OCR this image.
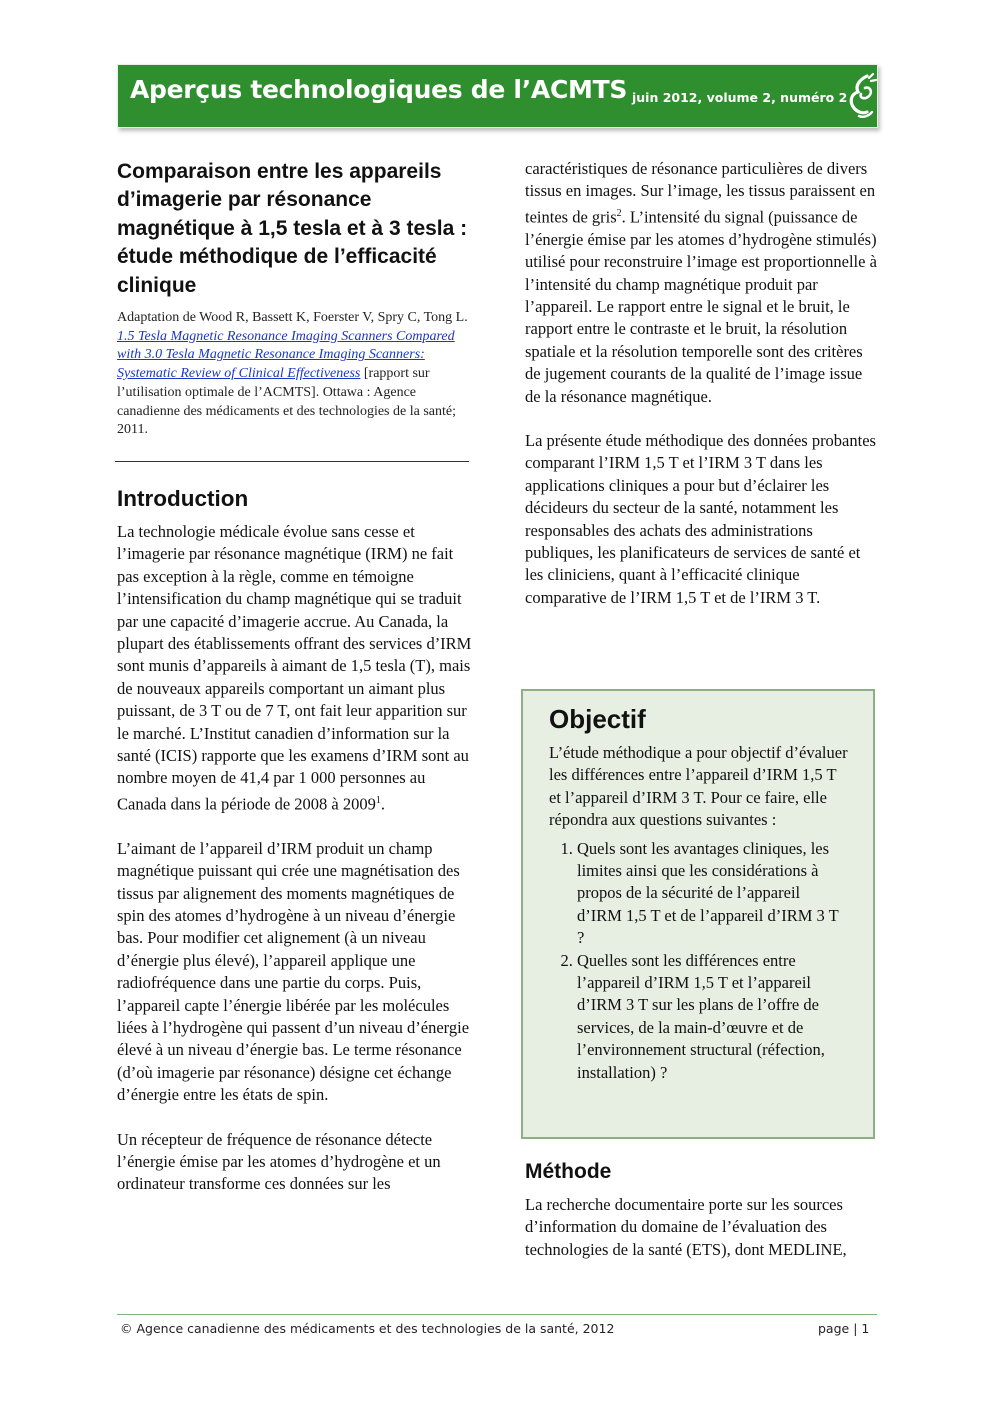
Aperçus technologiques de l’ACMTS juin 2012, volume 2, numéro 2
Comparaison entre les appareils d’imagerie par résonance magnétique à 1,5 tesla et à 3 tesla : étude méthodique de l’efficacité clinique

Adaptation de Wood R, Bassett K, Foerster V, Spry C, Tong L. 1.5 Tesla Magnetic Resonance Imaging Scanners Compared with 3.0 Tesla Magnetic Resonance Imaging Scanners: Systematic Review of Clinical Effectiveness [rapport sur l’utilisation optimale de l’ACMTS]. Ottawa : Agence canadienne des médicaments et des technologies de la santé; 2011.

Introduction

La technologie médicale évolue sans cesse et l’imagerie par résonance magnétique (IRM) ne fait pas exception à la règle, comme en témoigne l’intensification du champ magnétique qui se traduit par une capacité d’imagerie accrue. Au Canada, la plupart des établissements offrant des services d’IRM sont munis d’appareils à aimant de 1,5 tesla (T), mais de nouveaux appareils comportant un aimant plus puissant, de 3 T ou de 7 T, ont fait leur apparition sur le marché. L’Institut canadien d’information sur la santé (ICIS) rapporte que les examens d’IRM sont au nombre moyen de 41,4 par 1 000 personnes au Canada dans la période de 2008 à 2009$^1$.

L’aimant de l’appareil d’IRM produit un champ magnétique puissant qui crée une magnétisation des tissus par alignement des moments magnétiques de spin des atomes d’hydrogène à un niveau d’énergie bas. Pour modifier cet alignement (à un niveau d’énergie plus élevé), l’appareil applique une radiofréquence dans une partie du corps. Puis, l’appareil capte l’énergie libérée par les molécules liées à l’hydrogène qui passent d’un niveau d’énergie élevé à un niveau d’énergie bas. Le terme résonance (d’où imagerie par résonance) désigne cet échange d’énergie entre les états de spin.

Un récepteur de fréquence de résonance détecte l’énergie émise par les atomes d’hydrogène et un ordinateur transforme ces données sur les

caractéristiques de résonance particulières de divers tissus en images. Sur l’image, les tissus paraissent en teintes de gris$^2$. L’intensité du signal (puissance de l’énergie émise par les atomes d’hydrogène stimulés) utilisé pour reconstruire l’image est proportionnelle à l’intensité du champ magnétique produit par l’appareil. Le rapport entre le signal et le bruit, le rapport entre le contraste et le bruit, la résolution spatiale et la résolution temporelle sont des critères de jugement courants de la qualité de l’image issue de la résonance magnétique.

La présente étude méthodique des données probantes comparant l’IRM 1,5 T et l’IRM 3 T dans les applications cliniques a pour but d’éclairer les décideurs du secteur de la santé, notamment les responsables des achats des administrations publiques, les planificateurs de services de santé et les cliniciens, quant à l’efficacité clinique comparative de l’IRM 1,5 T et de l’IRM 3 T.

Objectif

L’étude méthodique a pour objectif d’évaluer les différences entre l’appareil d’IRM 1,5 T et l’appareil d’IRM 3 T. Pour ce faire, elle répondra aux questions suivantes :

1. Quels sont les avantages cliniques, les limites ainsi que les considérations à propos de la sécurité de l’appareil d’IRM 1,5 T et de l’appareil d’IRM 3 T ?
2. Quelles sont les différences entre l’appareil d’IRM 1,5 T et l’appareil d’IRM 3 T sur les plans de l’offre de services, de la main-d’œuvre et de l’environnement structural (réfection, installation) ?
Méthode

La recherche documentaire porte sur les sources d’information du domaine de l’évaluation des technologies de la santé (ETS), dont MEDLINE,

© Agence canadienne des médicaments et des technologies de la santé, 2012	page | 1
